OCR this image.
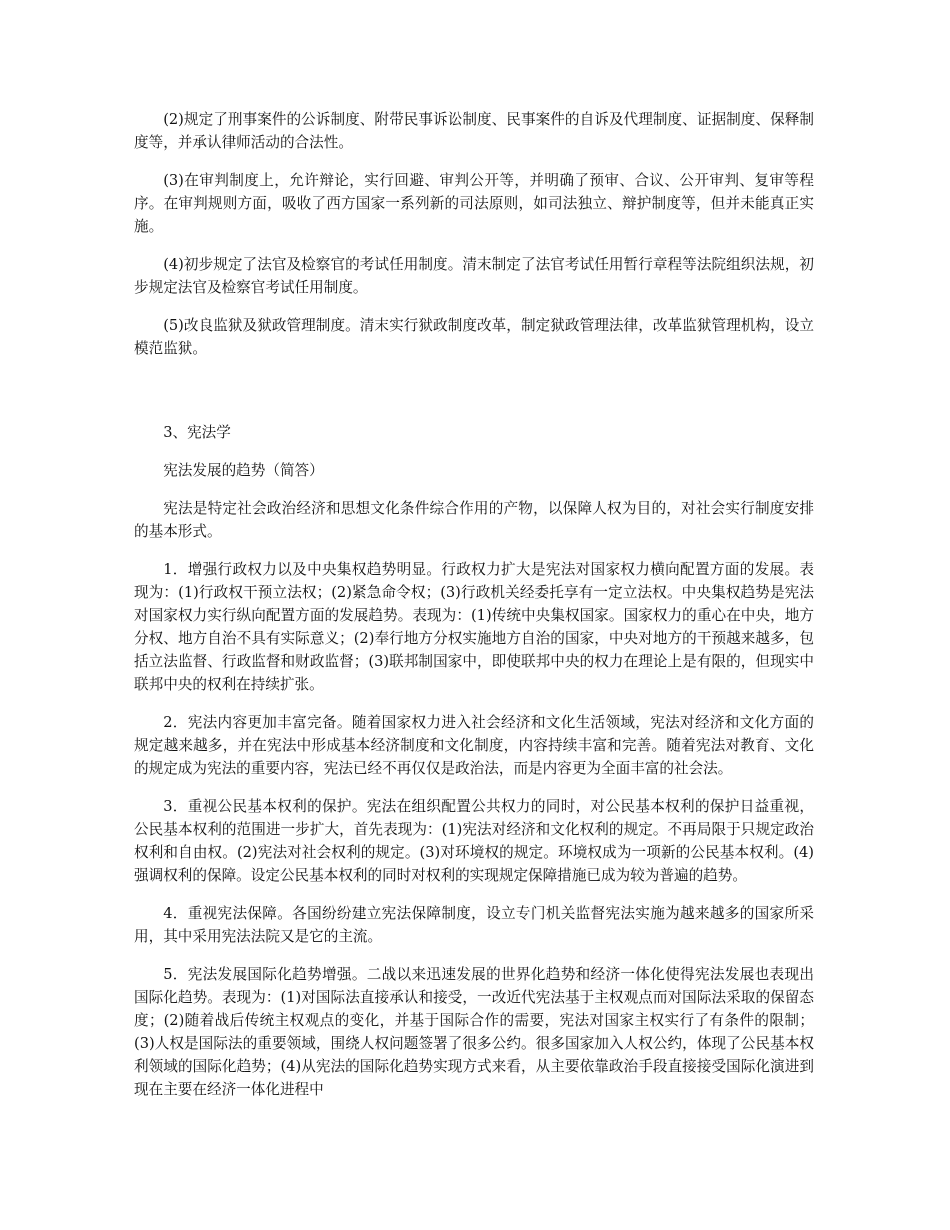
(2)规定了刑事案件的公诉制度、附带民事诉讼制度、民事案件的自诉及代理制度、证据制度、保释制度等，并承认律师活动的合法性。

(3)在审判制度上，允许辩论，实行回避、审判公开等，并明确了预审、合议、公开审判、复审等程序。在审判规则方面，吸收了西方国家一系列新的司法原则，如司法独立、辩护制度等，但并未能真正实施。

(4)初步规定了法官及检察官的考试任用制度。清末制定了法官考试任用暂行章程等法院组织法规，初步规定法官及检察官考试任用制度。

(5)改良监狱及狱政管理制度。清末实行狱政制度改革，制定狱政管理法律，改革监狱管理机构，设立模范监狱。

3、宪法学

宪法发展的趋势（简答）

宪法是特定社会政治经济和思想文化条件综合作用的产物，以保障人权为目的，对社会实行制度安排的基本形式。

1．增强行政权力以及中央集权趋势明显。行政权力扩大是宪法对国家权力横向配置方面的发展。表现为：(1)行政权干预立法权；(2)紧急命令权；(3)行政机关经委托享有一定立法权。中央集权趋势是宪法对国家权力实行纵向配置方面的发展趋势。表现为：(1)传统中央集权国家。国家权力的重心在中央，地方分权、地方自治不具有实际意义；(2)奉行地方分权实施地方自治的国家，中央对地方的干预越来越多，包括立法监督、行政监督和财政监督；(3)联邦制国家中，即使联邦中央的权力在理论上是有限的，但现实中联邦中央的权利在持续扩张。

2．宪法内容更加丰富完备。随着国家权力进入社会经济和文化生活领域，宪法对经济和文化方面的规定越来越多，并在宪法中形成基本经济制度和文化制度，内容持续丰富和完善。随着宪法对教育、文化的规定成为宪法的重要内容，宪法已经不再仅仅是政治法，而是内容更为全面丰富的社会法。

3．重视公民基本权利的保护。宪法在组织配置公共权力的同时，对公民基本权利的保护日益重视，公民基本权利的范围进一步扩大，首先表现为：(1)宪法对经济和文化权利的规定。不再局限于只规定政治权利和自由权。(2)宪法对社会权利的规定。(3)对环境权的规定。环境权成为一项新的公民基本权利。(4)强调权利的保障。设定公民基本权利的同时对权利的实现规定保障措施已成为较为普遍的趋势。

4．重视宪法保障。各国纷纷建立宪法保障制度，设立专门机关监督宪法实施为越来越多的国家所采用，其中采用宪法法院又是它的主流。

5．宪法发展国际化趋势增强。二战以来迅速发展的世界化趋势和经济一体化使得宪法发展也表现出国际化趋势。表现为：(1)对国际法直接承认和接受，一改近代宪法基于主权观点而对国际法采取的保留态度；(2)随着战后传统主权观点的变化，并基于国际合作的需要，宪法对国家主权实行了有条件的限制；(3)人权是国际法的重要领域，围绕人权问题签署了很多公约。很多国家加入人权公约，体现了公民基本权利领域的国际化趋势；(4)从宪法的国际化趋势实现方式来看，从主要依靠政治手段直接接受国际化演进到现在主要在经济一体化进程中
